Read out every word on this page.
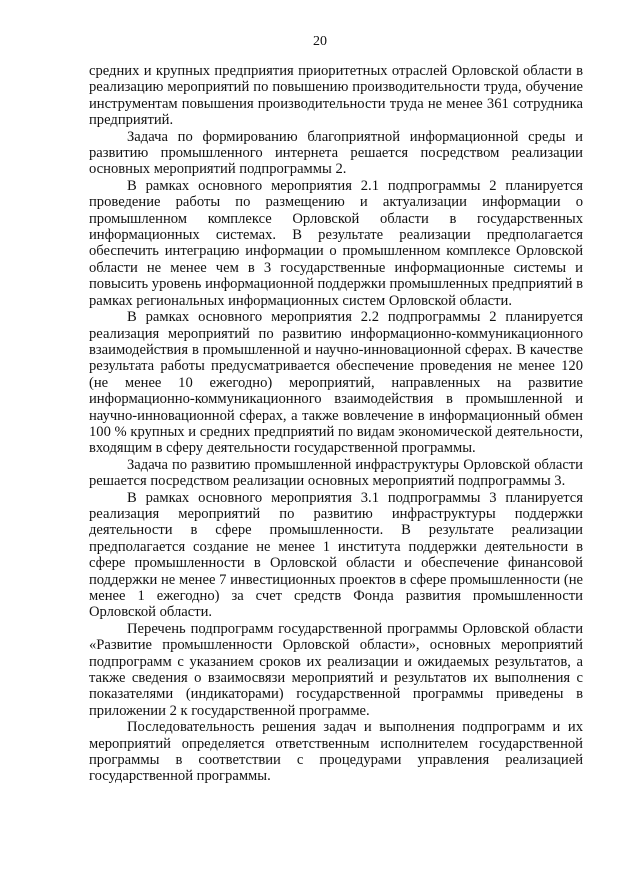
20

средних и крупных предприятия приоритетных отраслей Орловской области в реализацию мероприятий по повышению производительности труда, обучение инструментам повышения производительности труда не менее 361 сотрудника предприятий.

Задача по формированию благоприятной информационной среды и развитию промышленного интернета решается посредством реализации основных мероприятий подпрограммы 2.

В рамках основного мероприятия 2.1 подпрограммы 2 планируется проведение работы по размещению и актуализации информации о промышленном комплексе Орловской области в государственных информационных системах. В результате реализации предполагается обеспечить интеграцию информации о промышленном комплексе Орловской области не менее чем в 3 государственные информационные системы и повысить уровень информационной поддержки промышленных предприятий в рамках региональных информационных систем Орловской области.

В рамках основного мероприятия 2.2 подпрограммы 2 планируется реализация мероприятий по развитию информационно-коммуникационного взаимодействия в промышленной и научно-инновационной сферах. В качестве результата работы предусматривается обеспечение проведения не менее 120 (не менее 10 ежегодно) мероприятий, направленных на развитие информационно-коммуникационного взаимодействия в промышленной и научно-инновационной сферах, а также вовлечение в информационный обмен 100 % крупных и средних предприятий по видам экономической деятельности, входящим в сферу деятельности государственной программы.

Задача по развитию промышленной инфраструктуры Орловской области решается посредством реализации основных мероприятий подпрограммы 3.

В рамках основного мероприятия 3.1 подпрограммы 3 планируется реализация мероприятий по развитию инфраструктуры поддержки деятельности в сфере промышленности. В результате реализации предполагается создание не менее 1 института поддержки деятельности в сфере промышленности в Орловской области и обеспечение финансовой поддержки не менее 7 инвестиционных проектов в сфере промышленности (не менее 1 ежегодно) за счет средств Фонда развития промышленности Орловской области.

Перечень подпрограмм государственной программы Орловской области «Развитие промышленности Орловской области», основных мероприятий подпрограмм с указанием сроков их реализации и ожидаемых результатов, а также сведения о взаимосвязи мероприятий и результатов их выполнения с показателями (индикаторами) государственной программы приведены в приложении 2 к государственной программе.

Последовательность решения задач и выполнения подпрограмм и их мероприятий определяется ответственным исполнителем государственной программы в соответствии с процедурами управления реализацией государственной программы.
